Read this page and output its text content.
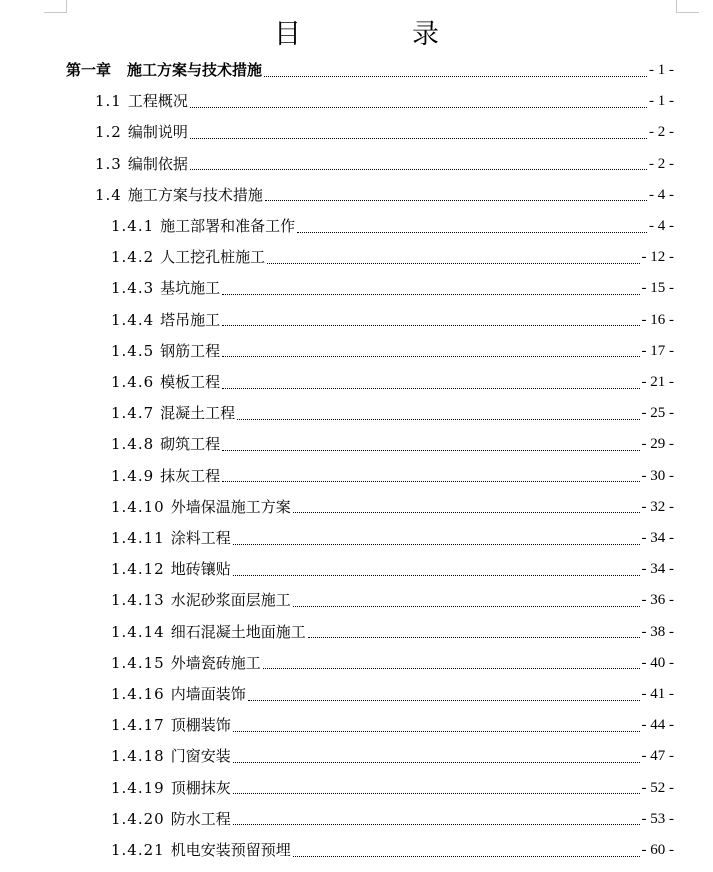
目　录
第一章 施工方案与技术措施	- 1 -
1.1 工程概况	- 1 -
1.2 编制说明	- 2 -
1.3 编制依据	- 2 -
1.4 施工方案与技术措施	- 4 -
1.4.1 施工部署和准备工作	- 4 -
1.4.2 人工挖孔桩施工	- 12 -
1.4.3 基坑施工	- 15 -
1.4.4 塔吊施工	- 16 -
1.4.5 钢筋工程	- 17 -
1.4.6 模板工程	- 21 -
1.4.7 混凝土工程	- 25 -
1.4.8 砌筑工程	- 29 -
1.4.9 抹灰工程	- 30 -
1.4.10 外墙保温施工方案	- 32 -
1.4.11 涂料工程	- 34 -
1.4.12 地砖镶贴	- 34 -
1.4.13 水泥砂浆面层施工	- 36 -
1.4.14 细石混凝土地面施工	- 38 -
1.4.15 外墙瓷砖施工	- 40 -
1.4.16 内墙面装饰	- 41 -
1.4.17 顶棚装饰	- 44 -
1.4.18 门窗安装	- 47 -
1.4.19 顶棚抹灰	- 52 -
1.4.20 防水工程	- 53 -
1.4.21 机电安装预留预埋	- 60 -
